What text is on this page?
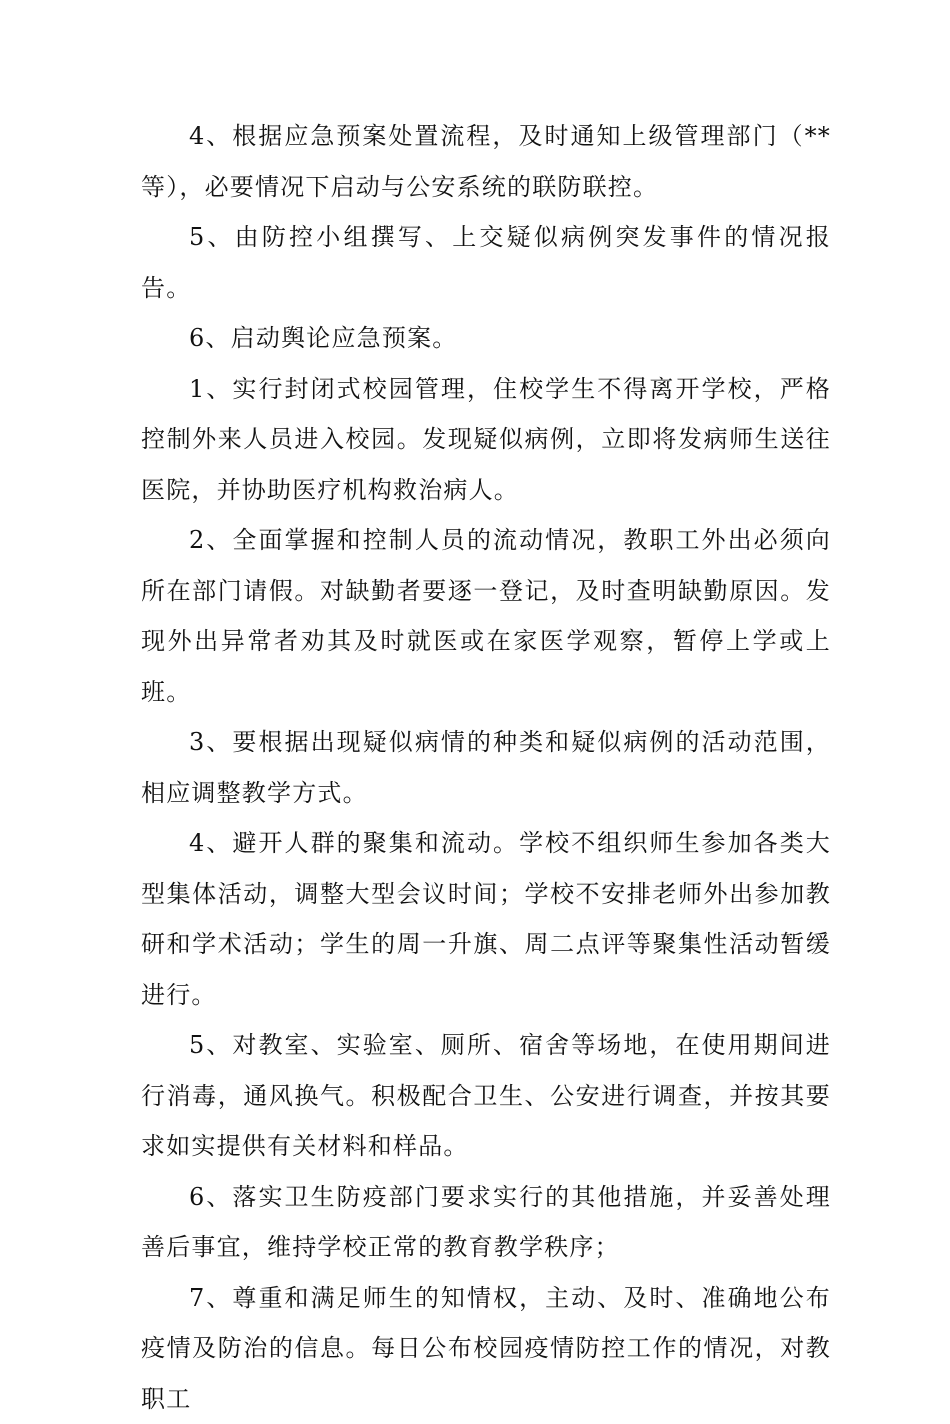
4、根据应急预案处置流程，及时通知上级管理部门（**等），必要情况下启动与公安系统的联防联控。

5、由防控小组撰写、上交疑似病例突发事件的情况报告。

6、启动舆论应急预案。

1、实行封闭式校园管理，住校学生不得离开学校，严格控制外来人员进入校园。发现疑似病例，立即将发病师生送往医院，并协助医疗机构救治病人。

2、全面掌握和控制人员的流动情况，教职工外出必须向所在部门请假。对缺勤者要逐一登记，及时查明缺勤原因。发现外出异常者劝其及时就医或在家医学观察，暂停上学或上班。

3、要根据出现疑似病情的种类和疑似病例的活动范围，相应调整教学方式。

4、避开人群的聚集和流动。学校不组织师生参加各类大型集体活动，调整大型会议时间；学校不安排老师外出参加教研和学术活动；学生的周一升旗、周二点评等聚集性活动暂缓进行。

5、对教室、实验室、厕所、宿舍等场地，在使用期间进行消毒，通风换气。积极配合卫生、公安进行调查，并按其要求如实提供有关材料和样品。

6、落实卫生防疫部门要求实行的其他措施，并妥善处理善后事宜，维持学校正常的教育教学秩序；

7、尊重和满足师生的知情权，主动、及时、准确地公布疫情及防治的信息。每日公布校园疫情防控工作的情况，对教职工
